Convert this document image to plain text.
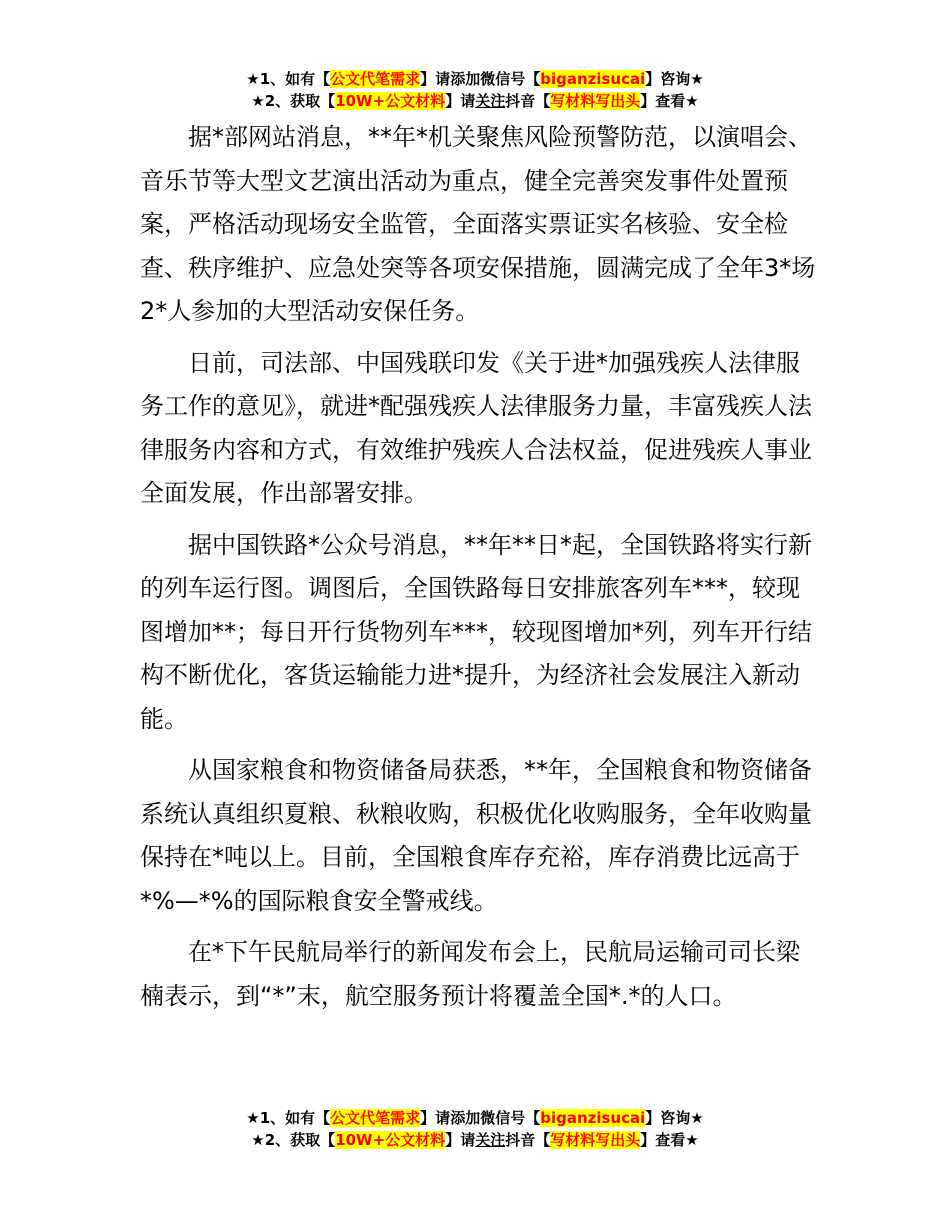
★1、如有【公文代笔需求】请添加微信号【biganzisucai】咨询★
★2、获取【10W+公文材料】请关注抖音【写材料写出头】查看★

据*部网站消息，**年*机关聚焦风险预警防范，以演唱会、音乐节等大型文艺演出活动为重点，健全完善突发事件处置预案，严格活动现场安全监管，全面落实票证实名核验、安全检查、秩序维护、应急处突等各项安保措施，圆满完成了全年3*场 2*人参加的大型活动安保任务。

日前，司法部、中国残联印发《关于进*加强残疾人法律服务工作的意见》，就进*配强残疾人法律服务力量，丰富残疾人法律服务内容和方式，有效维护残疾人合法权益，促进残疾人事业全面发展，作出部署安排。

据中国铁路*公众号消息，**年**日*起，全国铁路将实行新的列车运行图。调图后，全国铁路每日安排旅客列车***，较现图增加**；每日开行货物列车***，较现图增加*列，列车开行结构不断优化，客货运输能力进*提升，为经济社会发展注入新动能。

从国家粮食和物资储备局获悉，**年，全国粮食和物资储备系统认真组织夏粮、秋粮收购，积极优化收购服务，全年收购量保持在*吨以上。目前，全国粮食库存充裕，库存消费比远高于*%—*%的国际粮食安全警戒线。

在*下午民航局举行的新闻发布会上，民航局运输司司长梁楠表示，到“*”末，航空服务预计将覆盖全国*.*的人口。

★1、如有【公文代笔需求】请添加微信号【biganzisucai】咨询★
★2、获取【10W+公文材料】请关注抖音【写材料写出头】查看★
